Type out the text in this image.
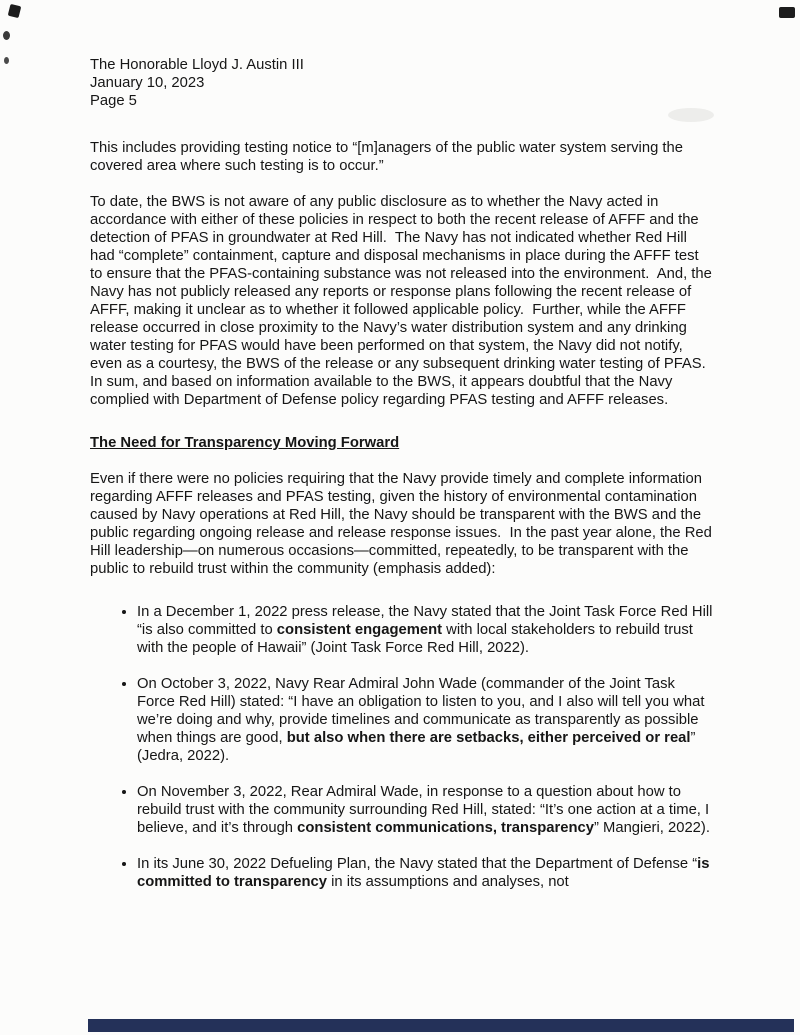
The Honorable Lloyd J. Austin III
January 10, 2023
Page 5

This includes providing testing notice to “[m]anagers of the public water system serving the covered area where such testing is to occur.”

To date, the BWS is not aware of any public disclosure as to whether the Navy acted in accordance with either of these policies in respect to both the recent release of AFFF and the detection of PFAS in groundwater at Red Hill.  The Navy has not indicated whether Red Hill had “complete” containment, capture and disposal mechanisms in place during the AFFF test to ensure that the PFAS-containing substance was not released into the environment.  And, the Navy has not publicly released any reports or response plans following the recent release of AFFF, making it unclear as to whether it followed applicable policy.  Further, while the AFFF release occurred in close proximity to the Navy’s water distribution system and any drinking water testing for PFAS would have been performed on that system, the Navy did not notify, even as a courtesy, the BWS of the release or any subsequent drinking water testing of PFAS.  In sum, and based on information available to the BWS, it appears doubtful that the Navy complied with Department of Defense policy regarding PFAS testing and AFFF releases.

The Need for Transparency Moving Forward

Even if there were no policies requiring that the Navy provide timely and complete information regarding AFFF releases and PFAS testing, given the history of environmental contamination caused by Navy operations at Red Hill, the Navy should be transparent with the BWS and the public regarding ongoing release and release response issues.  In the past year alone, the Red Hill leadership—on numerous occasions—committed, repeatedly, to be transparent with the public to rebuild trust within the community (emphasis added):

• In a December 1, 2022 press release, the Navy stated that the Joint Task Force Red Hill “is also committed to consistent engagement with local stakeholders to rebuild trust with the people of Hawaii” (Joint Task Force Red Hill, 2022).
• On October 3, 2022, Navy Rear Admiral John Wade (commander of the Joint Task Force Red Hill) stated: “I have an obligation to listen to you, and I also will tell you what we’re doing and why, provide timelines and communicate as transparently as possible when things are good, but also when there are setbacks, either perceived or real” (Jedra, 2022).
• On November 3, 2022, Rear Admiral Wade, in response to a question about how to rebuild trust with the community surrounding Red Hill, stated: “It’s one action at a time, I believe, and it’s through consistent communications, transparency” Mangieri, 2022).
• In its June 30, 2022 Defueling Plan, the Navy stated that the Department of Defense “is committed to transparency in its assumptions and analyses, not
